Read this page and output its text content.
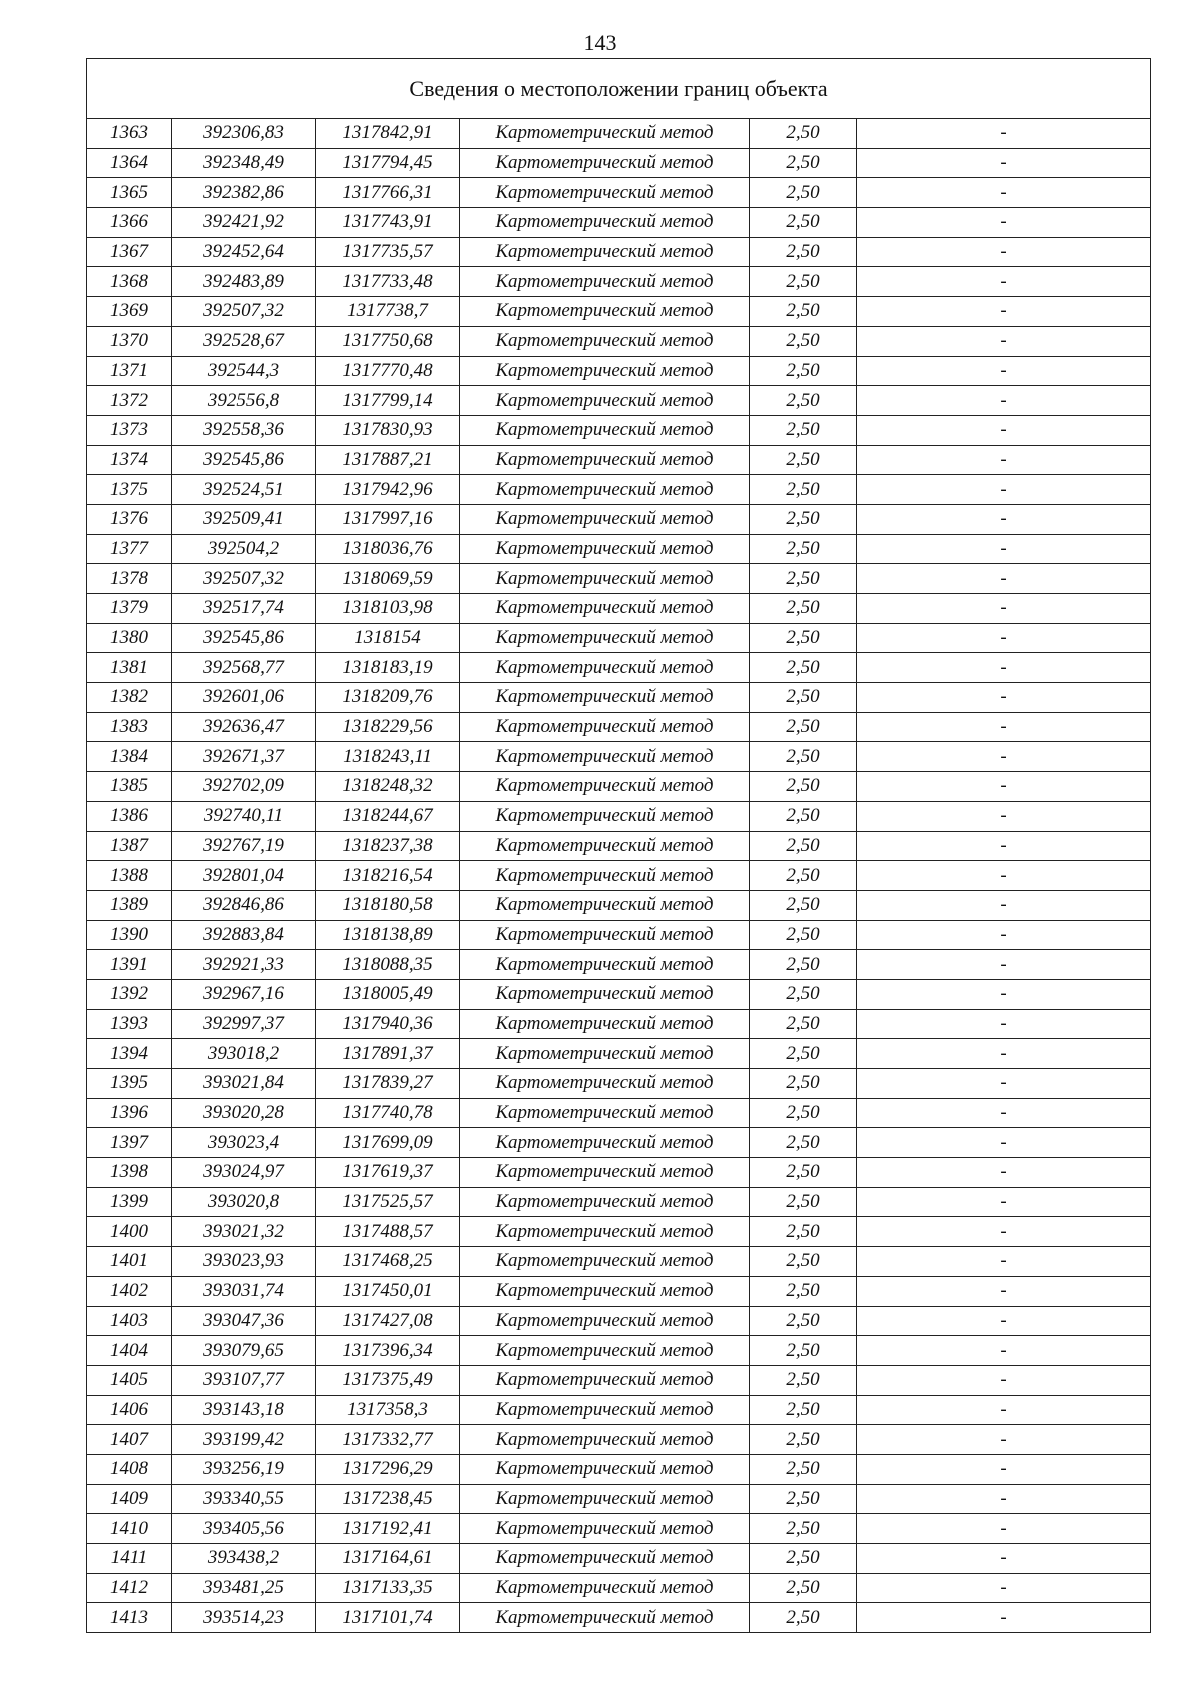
143
Сведения о местоположении границ объекта					
1363	392306,83	1317842,91	Картометрический метод	2,50	-
1364	392348,49	1317794,45	Картометрический метод	2,50	-
1365	392382,86	1317766,31	Картометрический метод	2,50	-
1366	392421,92	1317743,91	Картометрический метод	2,50	-
1367	392452,64	1317735,57	Картометрический метод	2,50	-
1368	392483,89	1317733,48	Картометрический метод	2,50	-
1369	392507,32	1317738,7	Картометрический метод	2,50	-
1370	392528,67	1317750,68	Картометрический метод	2,50	-
1371	392544,3	1317770,48	Картометрический метод	2,50	-
1372	392556,8	1317799,14	Картометрический метод	2,50	-
1373	392558,36	1317830,93	Картометрический метод	2,50	-
1374	392545,86	1317887,21	Картометрический метод	2,50	-
1375	392524,51	1317942,96	Картометрический метод	2,50	-
1376	392509,41	1317997,16	Картометрический метод	2,50	-
1377	392504,2	1318036,76	Картометрический метод	2,50	-
1378	392507,32	1318069,59	Картометрический метод	2,50	-
1379	392517,74	1318103,98	Картометрический метод	2,50	-
1380	392545,86	1318154	Картометрический метод	2,50	-
1381	392568,77	1318183,19	Картометрический метод	2,50	-
1382	392601,06	1318209,76	Картометрический метод	2,50	-
1383	392636,47	1318229,56	Картометрический метод	2,50	-
1384	392671,37	1318243,11	Картометрический метод	2,50	-
1385	392702,09	1318248,32	Картометрический метод	2,50	-
1386	392740,11	1318244,67	Картометрический метод	2,50	-
1387	392767,19	1318237,38	Картометрический метод	2,50	-
1388	392801,04	1318216,54	Картометрический метод	2,50	-
1389	392846,86	1318180,58	Картометрический метод	2,50	-
1390	392883,84	1318138,89	Картометрический метод	2,50	-
1391	392921,33	1318088,35	Картометрический метод	2,50	-
1392	392967,16	1318005,49	Картометрический метод	2,50	-
1393	392997,37	1317940,36	Картометрический метод	2,50	-
1394	393018,2	1317891,37	Картометрический метод	2,50	-
1395	393021,84	1317839,27	Картометрический метод	2,50	-
1396	393020,28	1317740,78	Картометрический метод	2,50	-
1397	393023,4	1317699,09	Картометрический метод	2,50	-
1398	393024,97	1317619,37	Картометрический метод	2,50	-
1399	393020,8	1317525,57	Картометрический метод	2,50	-
1400	393021,32	1317488,57	Картометрический метод	2,50	-
1401	393023,93	1317468,25	Картометрический метод	2,50	-
1402	393031,74	1317450,01	Картометрический метод	2,50	-
1403	393047,36	1317427,08	Картометрический метод	2,50	-
1404	393079,65	1317396,34	Картометрический метод	2,50	-
1405	393107,77	1317375,49	Картометрический метод	2,50	-
1406	393143,18	1317358,3	Картометрический метод	2,50	-
1407	393199,42	1317332,77	Картометрический метод	2,50	-
1408	393256,19	1317296,29	Картометрический метод	2,50	-
1409	393340,55	1317238,45	Картометрический метод	2,50	-
1410	393405,56	1317192,41	Картометрический метод	2,50	-
1411	393438,2	1317164,61	Картометрический метод	2,50	-
1412	393481,25	1317133,35	Картометрический метод	2,50	-
1413	393514,23	1317101,74	Картометрический метод	2,50	-
